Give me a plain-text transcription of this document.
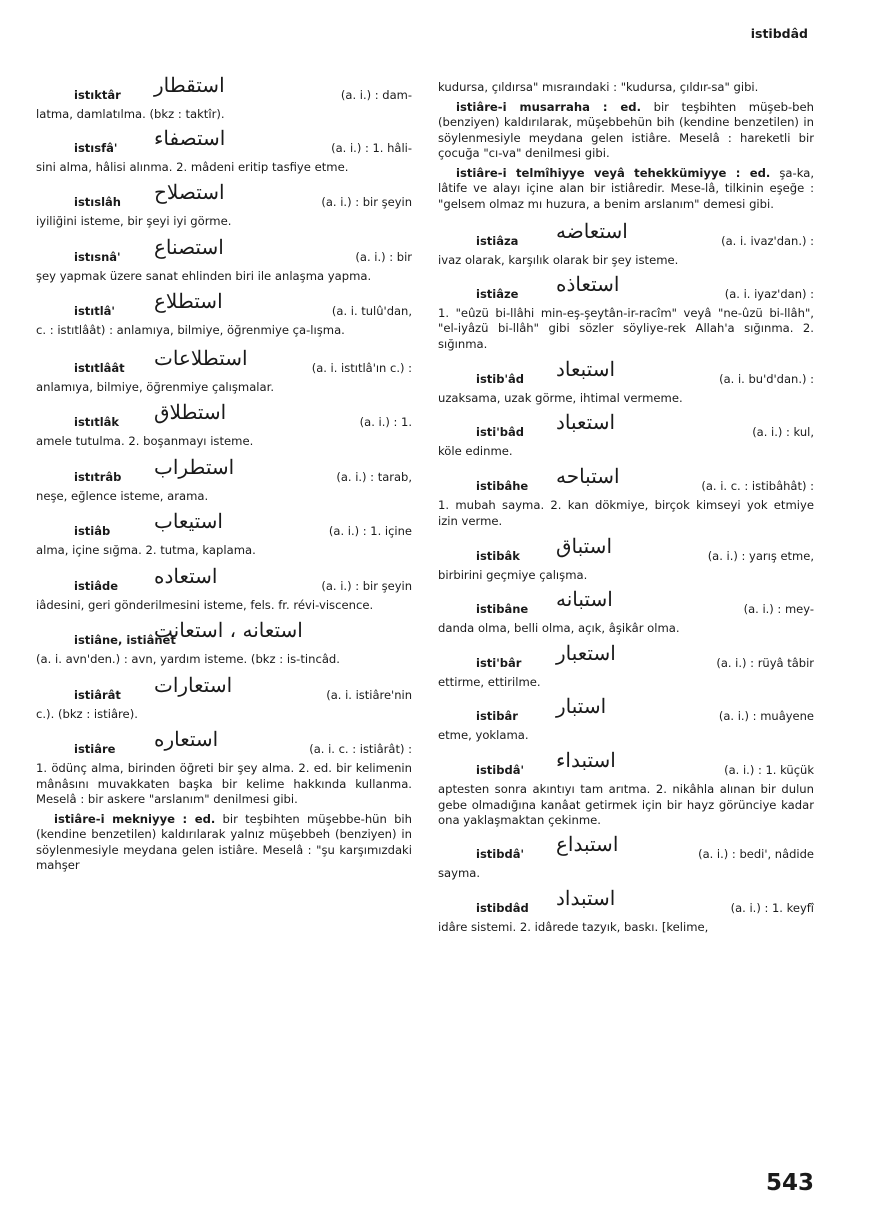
istibdâd
istıktâr استقطار	(a. i.) : dam-

latma, damlatılma. (bkz : taktîr).

istısfâ' استصفاء	(a. i.) : 1. hâli-

sini alma, hâlisi alınma. 2. mâdeni eritip tasfiye etme.

istıslâh استصلاح	(a. i.) : bir şeyin

iyiliğini isteme, bir şeyi iyi görme.

istısnâ' استصناع	(a. i.) : bir

şey yapmak üzere sanat ehlinden biri ile anlaşma yapma.

istıtlâ' استطلاع	(a. i. tulû'dan,

c. : istıtlâât) : anlamıya, bilmiye, öğrenmiye ça-lışma.

istıtlâât استطلاعات	(a. i. istıtlâ'ın c.) :

anlamıya, bilmiye, öğrenmiye çalışmalar.

istıtlâk استطلاق	(a. i.) : 1.

amele tutulma. 2. boşanmayı isteme.

istıtrâb استطراب	(a. i.) : tarab,

neşe, eğlence isteme, arama.

istiâb استيعاب	(a. i.) : 1. içine

alma, içine sığma. 2. tutma, kaplama.

istiâde استعاده	(a. i.) : bir şeyin

iâdesini, geri gönderilmesini isteme, fels. fr. révi-viscence.

istiâne, istiânet
استعانه ، استعانت

(a. i. avn'den.) : avn, yardım isteme. (bkz : is-tincâd.

istiârât استعارات	(a. i. istiâre'nin

c.). (bkz : istiâre).

istiâre استعاره	(a. i. c. : istiârât) :

1. ödünç alma, birinden öğreti bir şey alma. 2. ed. bir kelimenin mânâsını muvakkaten başka bir kelime hakkında kullanma. Meselâ : bir askere "arslanım" denilmesi gibi.

istiâre-i mekniyye : ed. bir teşbihten müşebbe-hün bih (kendine benzetilen) kaldırılarak yalnız müşebbeh (benziyen) in söylenmesiyle meydana gelen istiâre. Meselâ : "şu karşımızdaki mahşer

kudursa, çıldırsa" mısraındaki : "kudursa, çıldır-sa" gibi.

istiâre-i musarraha : ed. bir teşbihten müşeb-beh (benziyen) kaldırılarak, müşebbehün bih (kendine benzetilen) in söylenmesiyle meydana gelen istiâre. Meselâ : hareketli bir çocuğa "cı-va" denilmesi gibi.

istiâre-i telmîhiyye veyâ tehekkümiyye : ed. şa-ka, lâtife ve alayı içine alan bir istiâredir. Mese-lâ, tilkinin eşeğe : "gelsem olmaz mı huzura, a benim arslanım" demesi gibi.

istiâza استعاضه	(a. i. ivaz'dan.) :

ivaz olarak, karşılık olarak bir şey isteme.

istiâze استعاذه	(a. i. iyaz'dan) :

1. "eûzü bi-llâhi min-eş-şeytân-ir-racîm" veyâ "ne-ûzü bi-llâh", "el-iyâzü bi-llâh" gibi sözler söyliye-rek Allah'a sığınma. 2. sığınma.

istib'âd استبعاد	(a. i. bu'd'dan.) :

uzaksama, uzak görme, ihtimal vermeme.

isti'bâd استعباد	(a. i.) : kul,

köle edinme.

istibâhe استباحه	(a. i. c. : istibâhât) :

1. mubah sayma. 2. kan dökmiye, birçok kimseyi yok etmiye izin verme.

istibâk استباق	(a. i.) : yarış etme,

birbirini geçmiye çalışma.

istibâne استبانه	(a. i.) : mey-

danda olma, belli olma, açık, âşikâr olma.

isti'bâr استعبار	(a. i.) : rüyâ tâbir

ettirme, ettirilme.

istibâr استبار	(a. i.) : muâyene

etme, yoklama.

istibdâ' استبداء	(a. i.) : 1. küçük

aptesten sonra akıntıyı tam arıtma. 2. nikâhla alınan bir dulun gebe olmadığına kanâat getirmek için bir hayz görünciye kadar ona yaklaşmaktan çekinme.

istibdâ' استبداع	(a. i.) : bedi', nâdide

sayma.

istibdâd استبداد	(a. i.) : 1. keyfî

idâre sistemi. 2. idârede tazyık, baskı. [kelime,

543
